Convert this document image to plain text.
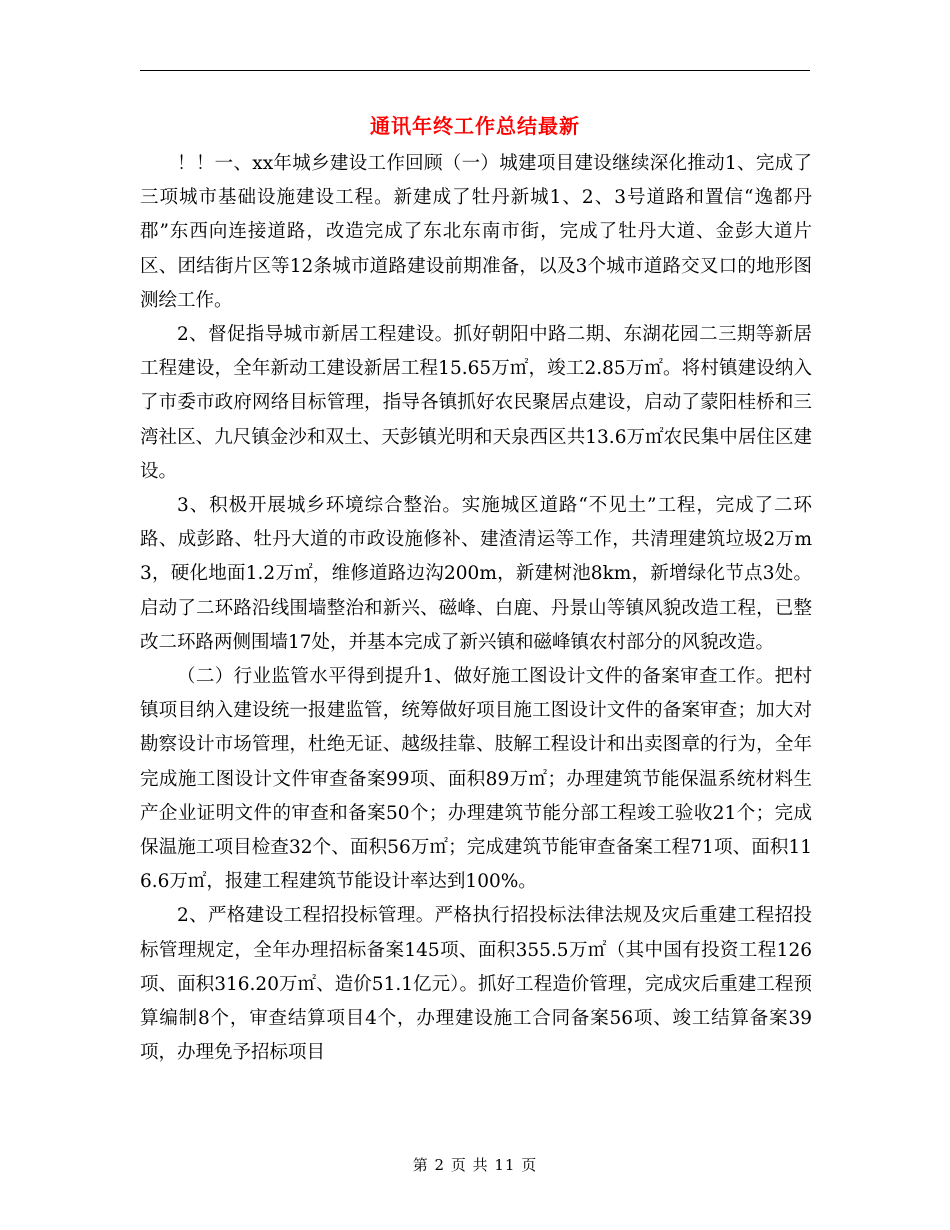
通讯年终工作总结最新

！！一、xx年城乡建设工作回顾（一）城建项目建设继续深化推动1、完成了三项城市基础设施建设工程。新建成了牡丹新城1、2、3号道路和置信“逸都丹郡”东西向连接道路，改造完成了东北东南市街，完成了牡丹大道、金彭大道片区、团结街片区等12条城市道路建设前期准备，以及3个城市道路交叉口的地形图测绘工作。

2、督促指导城市新居工程建设。抓好朝阳中路二期、东湖花园二三期等新居工程建设，全年新动工建设新居工程15.65万㎡，竣工2.85万㎡。将村镇建设纳入了市委市政府网络目标管理，指导各镇抓好农民聚居点建设，启动了蒙阳桂桥和三湾社区、九尺镇金沙和双土、天彭镇光明和天泉西区共13.6万㎡农民集中居住区建设。

3、积极开展城乡环境综合整治。实施城区道路“不见土”工程，完成了二环路、成彭路、牡丹大道的市政设施修补、建渣清运等工作，共清理建筑垃圾2万m3，硬化地面1.2万㎡，维修道路边沟200m，新建树池8km，新增绿化节点3处。启动了二环路沿线围墙整治和新兴、磁峰、白鹿、丹景山等镇风貌改造工程，已整改二环路两侧围墙17处，并基本完成了新兴镇和磁峰镇农村部分的风貌改造。

（二）行业监管水平得到提升1、做好施工图设计文件的备案审查工作。把村镇项目纳入建设统一报建监管，统筹做好项目施工图设计文件的备案审查；加大对勘察设计市场管理，杜绝无证、越级挂靠、肢解工程设计和出卖图章的行为，全年完成施工图设计文件审查备案99项、面积89万㎡；办理建筑节能保温系统材料生产企业证明文件的审查和备案50个；办理建筑节能分部工程竣工验收21个；完成保温施工项目检查32个、面积56万㎡；完成建筑节能审查备案工程71项、面积116.6万㎡，报建工程建筑节能设计率达到100%。

2、严格建设工程招投标管理。严格执行招投标法律法规及灾后重建工程招投标管理规定，全年办理招标备案145项、面积355.5万㎡（其中国有投资工程126项、面积316.20万㎡、造价51.1亿元）。抓好工程造价管理，完成灾后重建工程预算编制8个，审查结算项目4个，办理建设施工合同备案56项、竣工结算备案39项，办理免予招标项目

第 2 页 共 11 页
